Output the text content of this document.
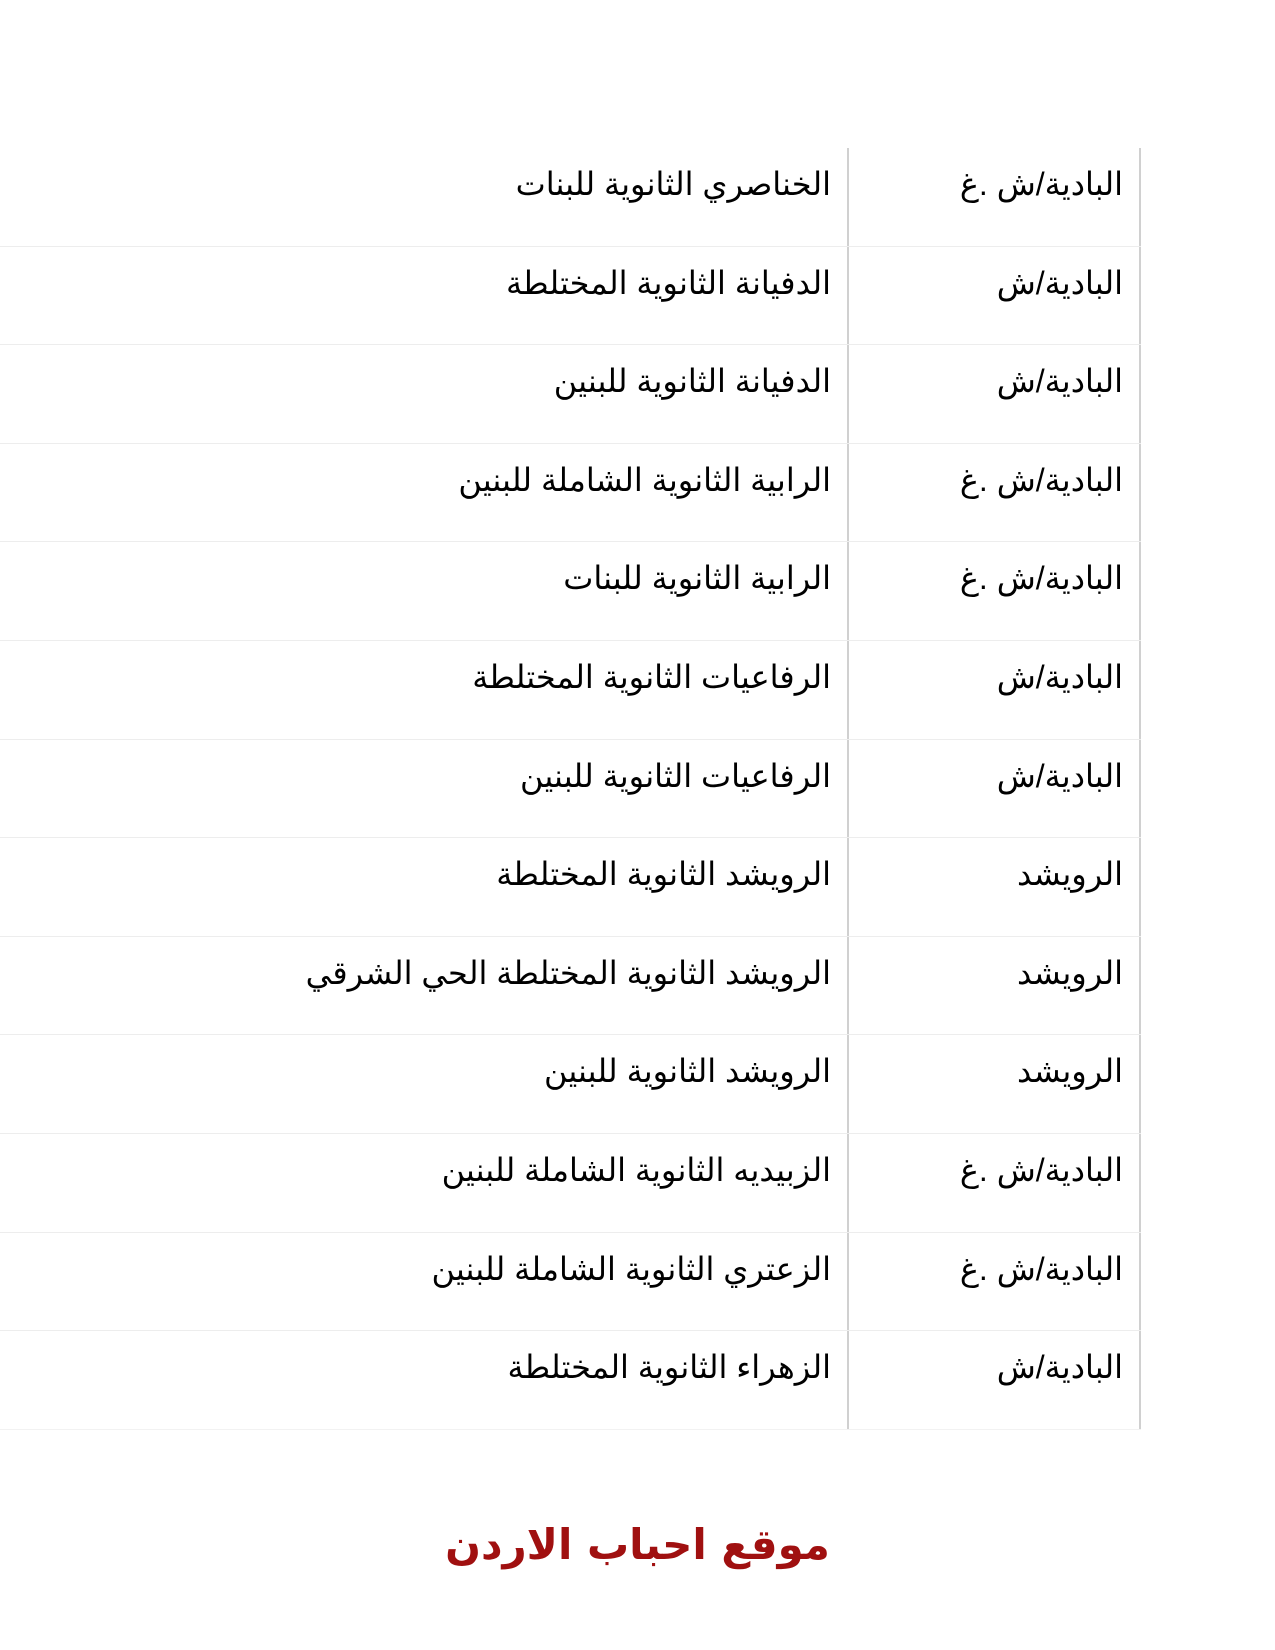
البادية/ش .غ
الخناصري الثانوية للبنات
البادية/ش
الدفيانة الثانوية المختلطة
البادية/ش
الدفيانة الثانوية للبنين
البادية/ش .غ
الرابية الثانوية الشاملة للبنين
البادية/ش .غ
الرابية الثانوية للبنات
البادية/ش
الرفاعيات الثانوية المختلطة
البادية/ش
الرفاعيات الثانوية للبنين
الرويشد
الرويشد الثانوية المختلطة
الرويشد
الرويشد الثانوية المختلطة الحي الشرقي
الرويشد
الرويشد الثانوية للبنين
البادية/ش .غ
الزبيديه الثانوية الشاملة للبنين
البادية/ش .غ
الزعتري الثانوية الشاملة للبنين
البادية/ش
الزهراء الثانوية المختلطة
موقع احباب الاردن
